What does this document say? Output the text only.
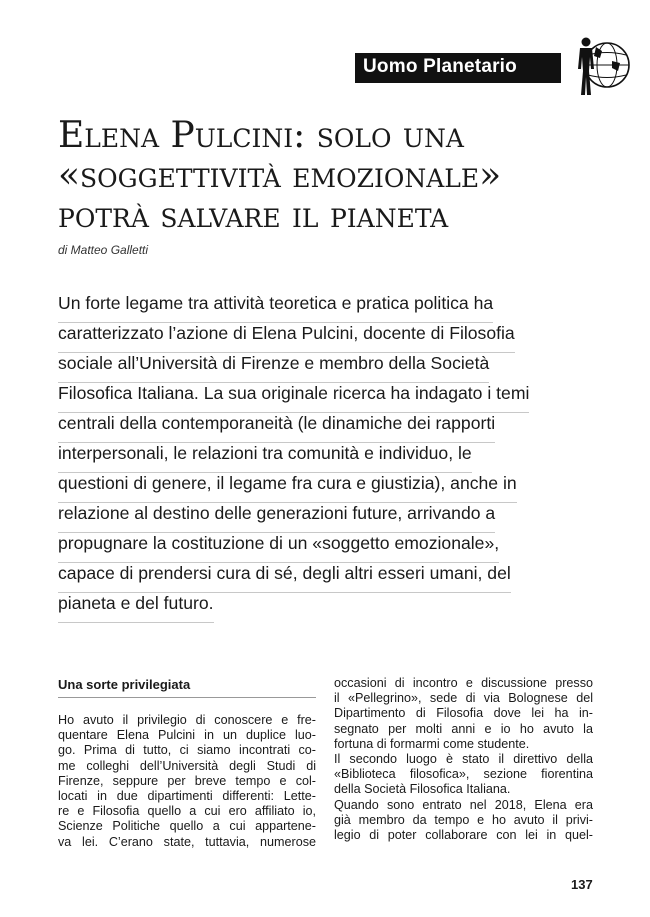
Uomo Planetario
Elena Pulcini: solo una
«soggettività emozionale»
potrà salvare il pianeta
di Matteo Galletti
Un forte legame tra attività teoretica e pratica politica ha
caratterizzato l’azione di Elena Pulcini, docente di Filosofia
sociale all’Università di Firenze e membro della Società
Filosofica Italiana. La sua originale ricerca ha indagato i temi
centrali della contemporaneità (le dinamiche dei rapporti
interpersonali, le relazioni tra comunità e individuo, le
questioni di genere, il legame fra cura e giustizia), anche in
relazione al destino delle generazioni future, arrivando a
propugnare la costituzione di un «soggetto emozionale»,
capace di prendersi cura di sé, degli altri esseri umani, del
pianeta e del futuro.
Una sorte privilegiata
Ho avuto il privilegio di conoscere e fre-
quentare Elena Pulcini in un duplice luo-
go. Prima di tutto, ci siamo incontrati co-
me colleghi dell’Università degli Studi di
Firenze, seppure per breve tempo e col-
locati in due dipartimenti differenti: Lette-
re e Filosofia quello a cui ero affiliato io,
Scienze Politiche quello a cui appartene-
va lei. C’erano state, tuttavia, numerose
occasioni di incontro e discussione presso
il «Pellegrino», sede di via Bolognese del
Dipartimento di Filosofia dove lei ha in-
segnato per molti anni e io ho avuto la
fortuna di formarmi come studente.
Il secondo luogo è stato il direttivo della
«Biblioteca filosofica», sezione fiorentina
della Società Filosofica Italiana.
Quando sono entrato nel 2018, Elena era
già membro da tempo e ho avuto il privi-
legio di poter collaborare con lei in quel-
137
